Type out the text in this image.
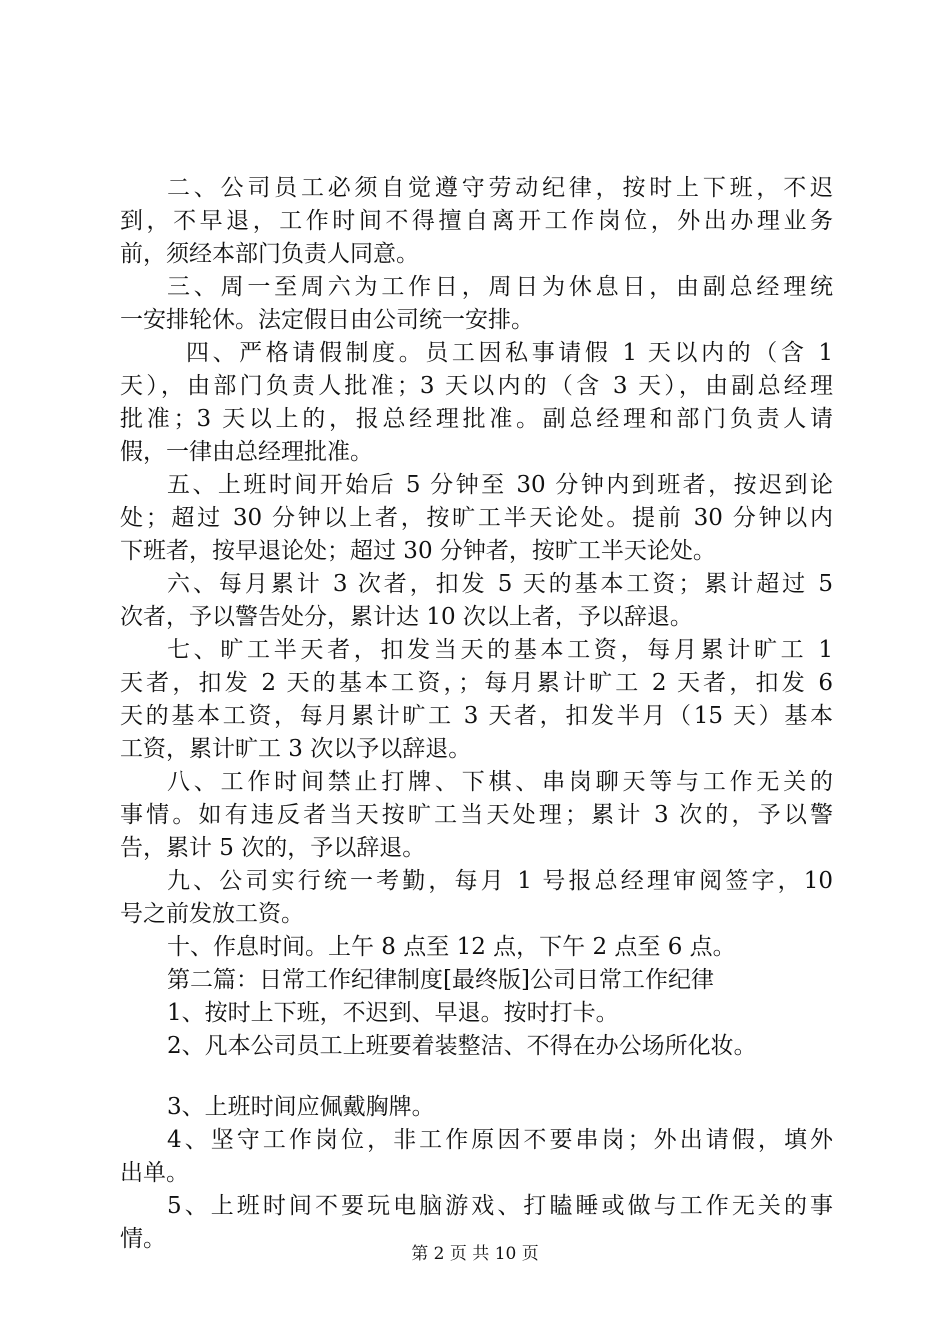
二、公司员工必须自觉遵守劳动纪律，按时上下班，不迟
到，不早退，工作时间不得擅自离开工作岗位，外出办理业务
前，须经本部门负责人同意。
三、周一至周六为工作日，周日为休息日，由副总经理统
一安排轮休。法定假日由公司统一安排。
四、严格请假制度。员工因私事请假 1 天以内的（含 1
天），由部门负责人批准；3 天以内的（含 3 天），由副总经理
批准；3 天以上的，报总经理批准。副总经理和部门负责人请
假，一律由总经理批准。
五、上班时间开始后 5 分钟至 30 分钟内到班者，按迟到论
处；超过 30 分钟以上者，按旷工半天论处。提前 30 分钟以内
下班者，按早退论处；超过 30 分钟者，按旷工半天论处。
六、每月累计 3 次者，扣发 5 天的基本工资；累计超过 5
次者，予以警告处分，累计达 10 次以上者，予以辞退。
七、旷工半天者，扣发当天的基本工资，每月累计旷工 1
天者，扣发 2 天的基本工资，；每月累计旷工 2 天者，扣发 6
天的基本工资，每月累计旷工 3 天者，扣发半月（15 天）基本
工资，累计旷工 3 次以予以辞退。
八、工作时间禁止打牌、下棋、串岗聊天等与工作无关的
事情。如有违反者当天按旷工当天处理；累计 3 次的，予以警
告，累计 5 次的，予以辞退。
九、公司实行统一考勤，每月 1 号报总经理审阅签字，10
号之前发放工资。
十、作息时间。上午 8 点至 12 点，下午 2 点至 6 点。
第二篇：日常工作纪律制度[最终版]公司日常工作纪律
1、按时上下班，不迟到、早退。按时打卡。
2、凡本公司员工上班要着装整洁、不得在办公场所化妆。
3、上班时间应佩戴胸牌。
4、坚守工作岗位，非工作原因不要串岗；外出请假，填外
出单。
5、上班时间不要玩电脑游戏、打瞌睡或做与工作无关的事
情。
第 2 页 共 10 页
